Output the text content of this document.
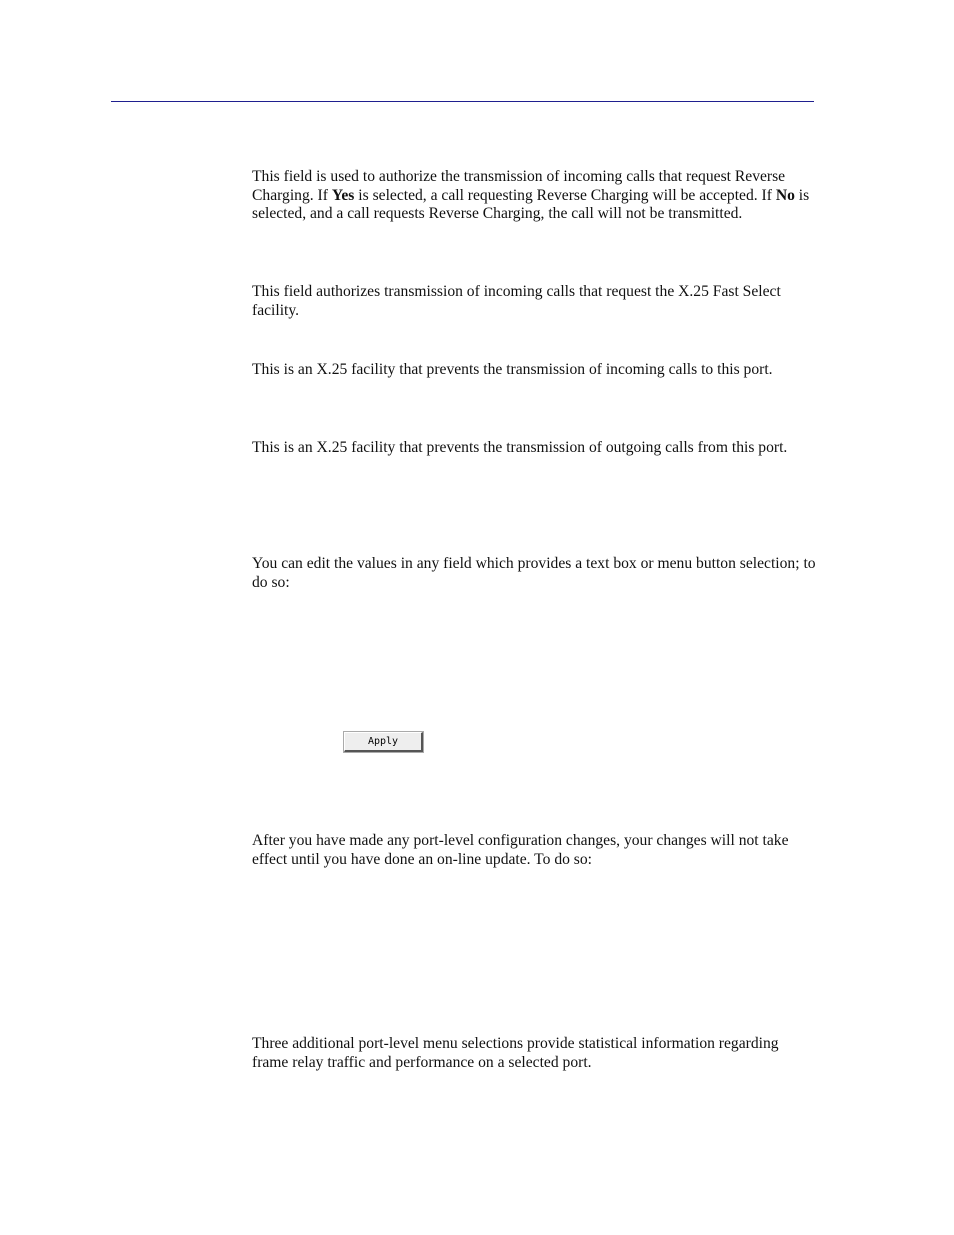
This field is used to authorize the transmission of incoming calls that request Reverse Charging. If Yes is selected, a call requesting Reverse Charging will be accepted. If No is selected, and a call requests Reverse Charging, the call will not be transmitted.

This field authorizes transmission of incoming calls that request the X.25 Fast Select facility.

This is an X.25 facility that prevents the transmission of incoming calls to this port.

This is an X.25 facility that prevents the transmission of outgoing calls from this port.

You can edit the values in any field which provides a text box or menu button selection; to do so:

Apply

After you have made any port-level configuration changes, your changes will not take effect until you have done an on-line update. To do so:

Three additional port-level menu selections provide statistical information regarding frame relay traffic and performance on a selected port.
